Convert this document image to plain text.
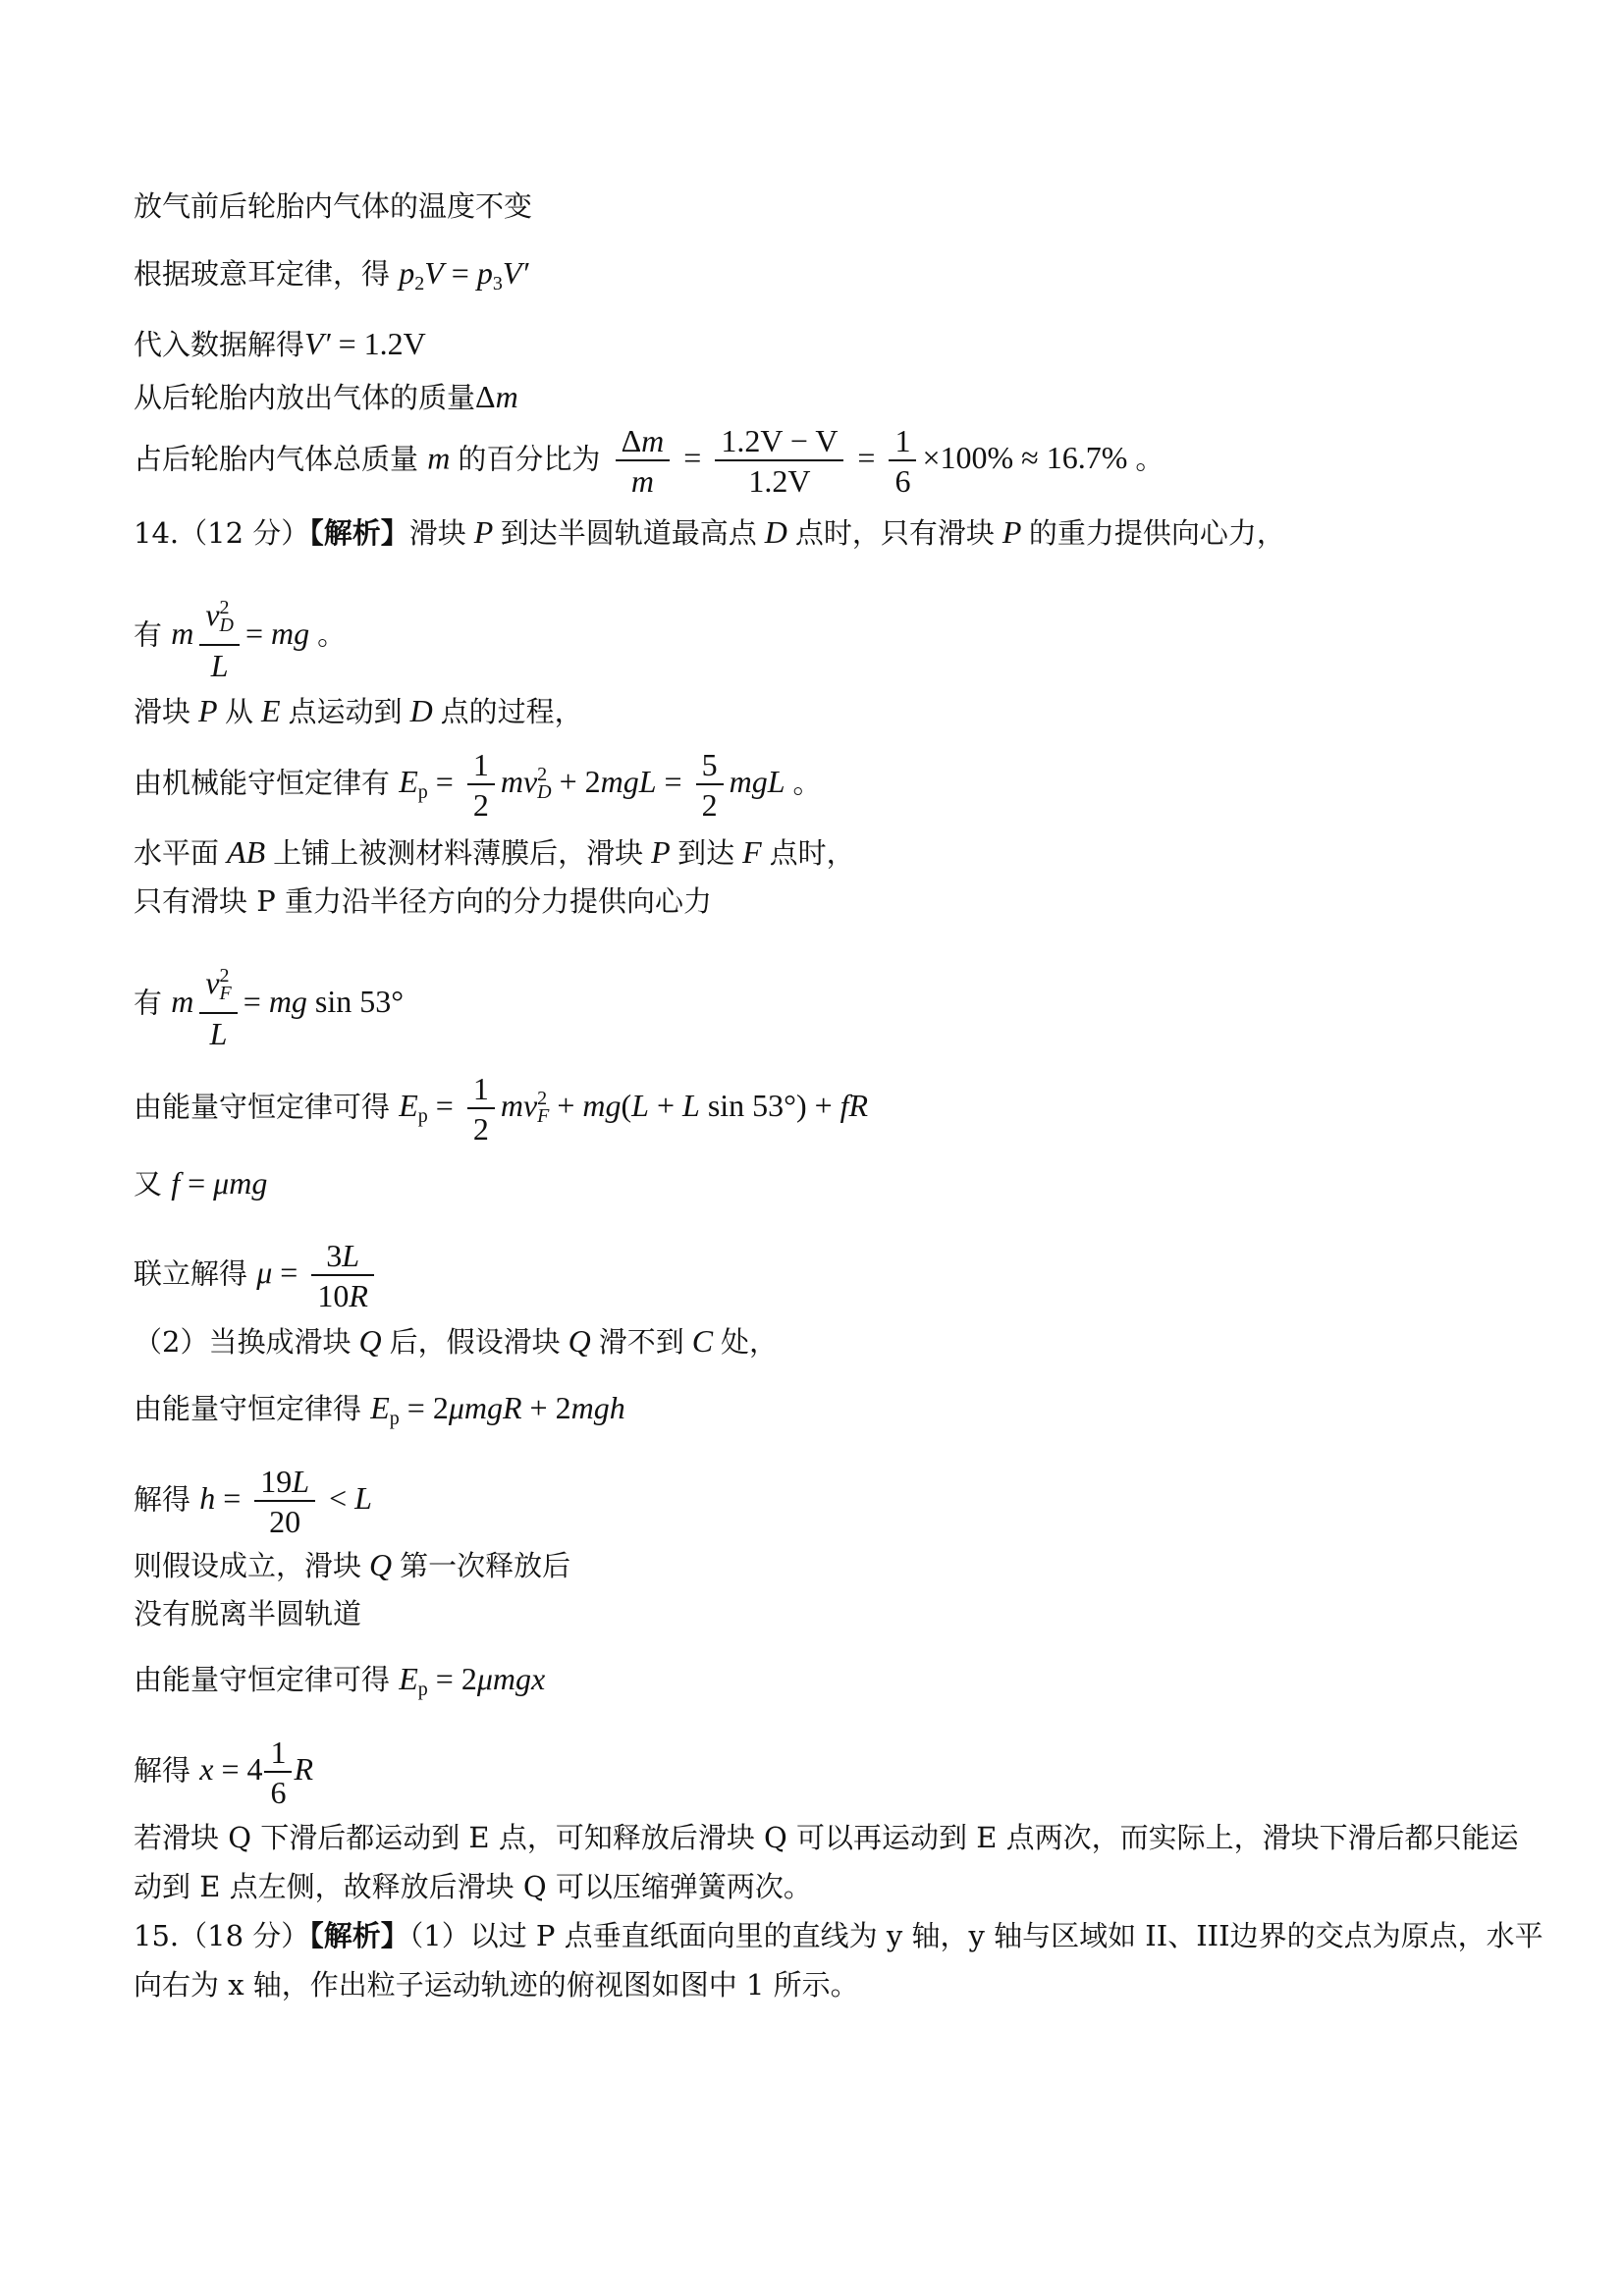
放气前后轮胎内气体的温度不变
根据玻意耳定律，得 $p_2V = p_3V'$
代入数据解得V′ = 1.2V
从后轮胎内放出气体的质量Δm
占后轮胎内气体总质量 m 的百分比为 $\frac{\Delta m}{m} = \frac{1.2V - V}{1.2V} = \frac{1}{6} \times 100\% \approx 16.7\%$ 。
14.（12 分）【解析】滑块 P 到达半圆轨道最高点 D 点时，只有滑块 P 的重力提供向心力，
有 m $\frac{v^2_D}{L}$ = mg 。
滑块 P 从 E 点运动到 D 点的过程，
由机械能守恒定律有 $E_p = \frac{1}{2} mv^2_D + 2mgL = \frac{5}{2}$ mgL 。
水平面 AB 上铺上被测材料薄膜后，滑块 P 到达 F 点时，
只有滑块 P 重力沿半径方向的分力提供向心力
有 m $\frac{v^2_F}{L}$ = mg sin 53°
由能量守恒定律可得 $E_p = \frac{1}{2} mv^2_F + mg(L + L$ sin 53°) + fR
又 f = μmg
联立解得 $\mu = \frac{3L}{10R}$
（2）当换成滑块 Q 后，假设滑块 Q 滑不到 C 处，
由能量守恒定律得 $E_p = 2\mu mgR + 2mgh$
解得 $h = \frac{19L}{20} < L$
则假设成立，滑块 Q 第一次释放后
没有脱离半圆轨道
由能量守恒定律可得 $E_p = 2\mu mgx$
解得 $x = 4 \frac{1}{6}$ R
若滑块 Q 下滑后都运动到 E 点，可知释放后滑块 Q 可以再运动到 E 点两次，而实际上，滑块下滑后都只能运
动到 E 点左侧，故释放后滑块 Q 可以压缩弹簧两次。
15.（18 分）【解析】（1）以过 P 点垂直纸面向里的直线为 y 轴，y 轴与区域如 II、III边界的交点为原点，水平
向右为 x 轴，作出粒子运动轨迹的俯视图如图中 1 所示。
